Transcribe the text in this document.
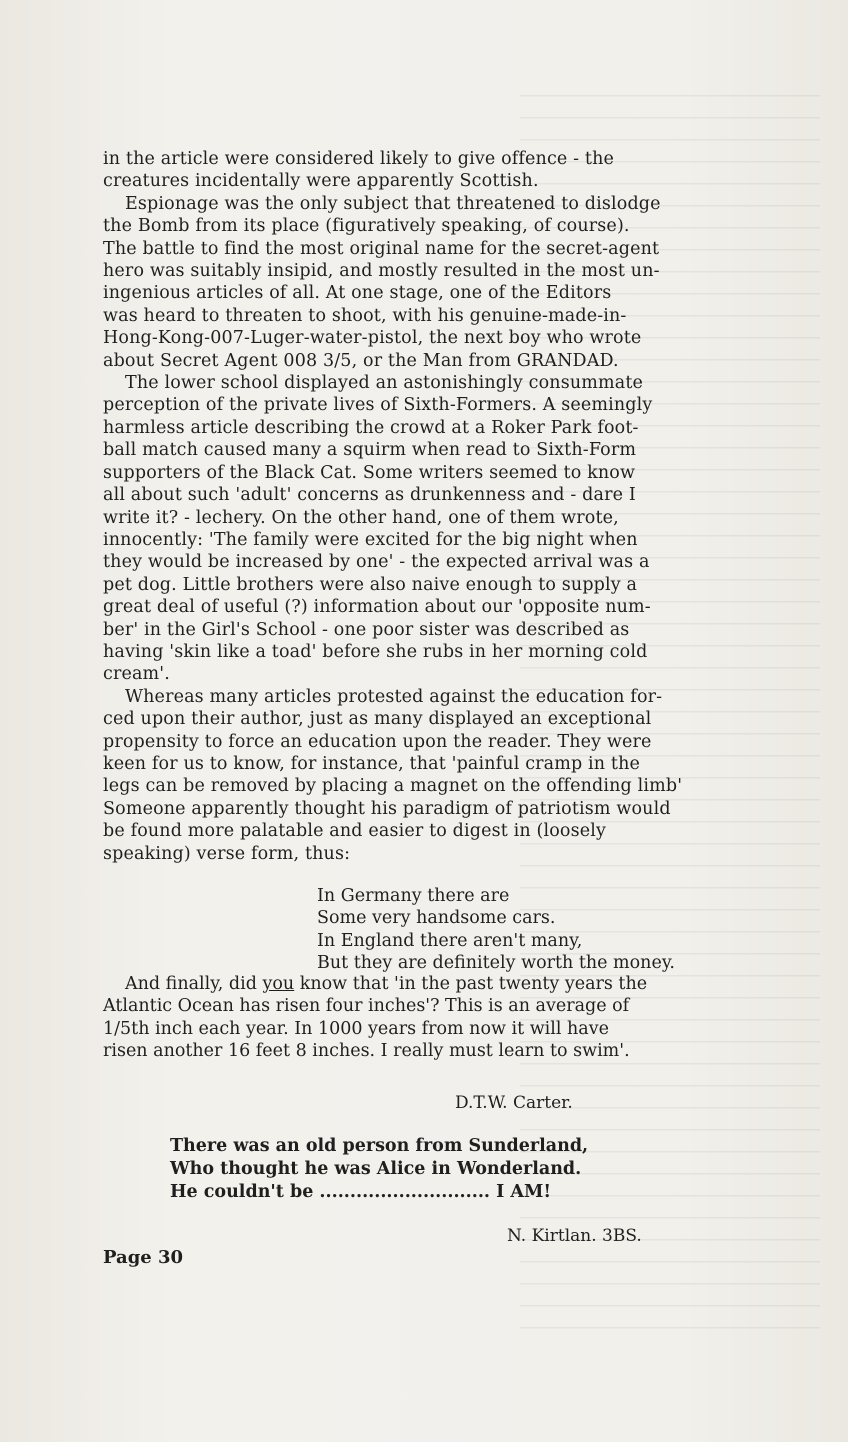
in the article were considered likely to give offence - the
creatures incidentally were apparently Scottish.
Espionage was the only subject that threatened to dislodge
the Bomb from its place (figuratively speaking, of course).
The battle to find the most original name for the secret-agent
hero was suitably insipid, and mostly resulted in the most un-
ingenious articles of all. At one stage, one of the Editors
was heard to threaten to shoot, with his genuine-made-in-
Hong-Kong-007-Luger-water-pistol, the next boy who wrote
about Secret Agent 008 3/5, or the Man from GRANDAD.
The lower school displayed an astonishingly consummate
perception of the private lives of Sixth-Formers. A seemingly
harmless article describing the crowd at a Roker Park foot-
ball match caused many a squirm when read to Sixth-Form
supporters of the Black Cat. Some writers seemed to know
all about such 'adult' concerns as drunkenness and - dare I
write it? - lechery. On the other hand, one of them wrote,
innocently: 'The family were excited for the big night when
they would be increased by one' - the expected arrival was a
pet dog. Little brothers were also naive enough to supply a
great deal of useful (?) information about our 'opposite num-
ber' in the Girl's School - one poor sister was described as
having 'skin like a toad' before she rubs in her morning cold
cream'.
Whereas many articles protested against the education for-
ced upon their author, just as many displayed an exceptional
propensity to force an education upon the reader. They were
keen for us to know, for instance, that 'painful cramp in the
legs can be removed by placing a magnet on the offending limb'
Someone apparently thought his paradigm of patriotism would
be found more palatable and easier to digest in (loosely
speaking) verse form, thus:
In Germany there are
Some very handsome cars.
In England there aren't many,
But they are definitely worth the money.
And finally, did you know that 'in the past twenty years the
Atlantic Ocean has risen four inches'? This is an average of
1/5th inch each year. In 1000 years from now it will have
risen another 16 feet 8 inches. I really must learn to swim'.
D.T.W. Carter.
There was an old person from Sunderland,
Who thought he was Alice in Wonderland.
He couldn't be ............................ I AM!
N. Kirtlan. 3BS.
Page 30
